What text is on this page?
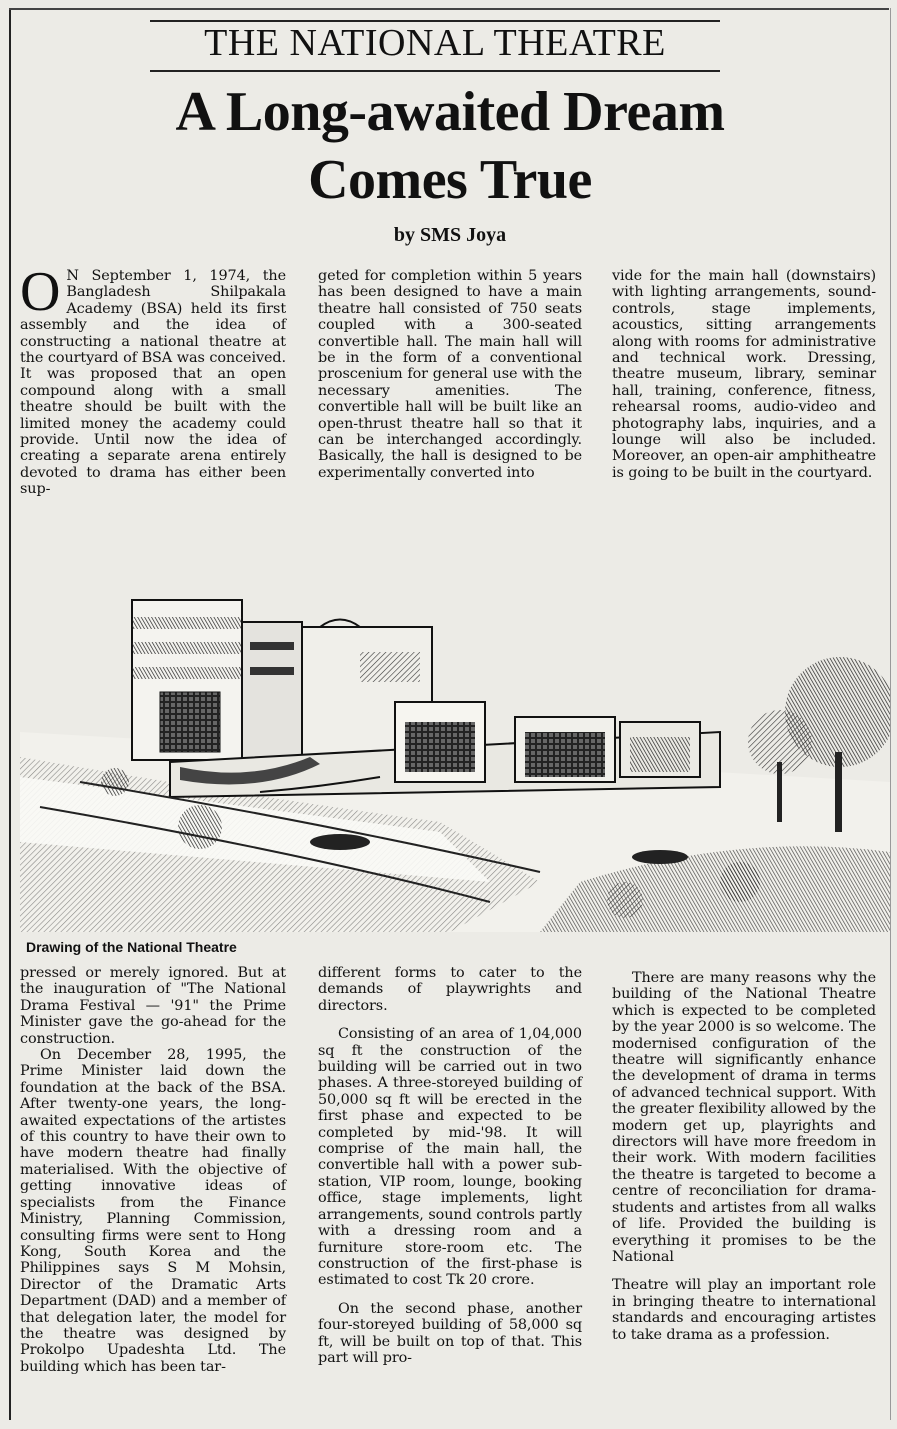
THE NATIONAL THEATRE
A Long-awaited Dream
Comes True
by SMS Joya

O N September 1, 1974, the Bangladesh Shilpakala Academy (BSA) held its first assembly and the idea of constructing a national theatre at the courtyard of BSA was conceived. It was proposed that an open compound along with a small theatre should be built with the limited money the academy could provide. Until now the idea of creating a separate arena entirely devoted to drama has either been sup-

geted for completion within 5 years has been designed to have a main theatre hall consisted of 750 seats coupled with a 300-seated convertible hall. The main hall will be in the form of a conventional proscenium for general use with the necessary amenities. The convertible hall will be built like an open-thrust theatre hall so that it can be interchanged accordingly. Basically, the hall is designed to be experimentally converted into

vide for the main hall (downstairs) with lighting arrangements, sound-controls, stage implements, acoustics, sitting arrangements along with rooms for administrative and technical work. Dressing, theatre museum, library, seminar hall, training, conference, fitness, rehearsal rooms, audio-video and photography labs, inquiries, and a lounge will also be included. Moreover, an open-air amphitheatre is going to be built in the courtyard.

Drawing of the National Theatre

pressed or merely ignored. But at the inauguration of "The National Drama Festival — '91" the Prime Minister gave the go-ahead for the construction.

On December 28, 1995, the Prime Minister laid down the foundation at the back of the BSA. After twenty-one years, the long-awaited expectations of the artistes of this country to have their own to have modern theatre had finally materialised. With the objective of getting innovative ideas of specialists from the Finance Ministry, Planning Commission, consulting firms were sent to Hong Kong, South Korea and the Philippines says S M Mohsin, Director of the Dramatic Arts Department (DAD) and a member of that delegation later, the model for the theatre was designed by Prokolpo Upadeshta Ltd. The building which has been tar-

different forms to cater to the demands of playwrights and directors.

Consisting of an area of 1,04,000 sq ft the construction of the building will be carried out in two phases. A three-storeyed building of 50,000 sq ft will be erected in the first phase and expected to be completed by mid-'98. It will comprise of the main hall, the convertible hall with a power sub-station, VIP room, lounge, booking office, stage implements, light arrangements, sound controls partly with a dressing room and a furniture store-room etc. The construction of the first-phase is estimated to cost Tk 20 crore.

On the second phase, another four-storeyed building of 58,000 sq ft, will be built on top of that. This part will pro-

There are many reasons why the building of the National Theatre which is expected to be completed by the year 2000 is so welcome. The modernised configuration of the theatre will significantly enhance the development of drama in terms of advanced technical support. With the greater flexibility allowed by the modern get up, playrights and directors will have more freedom in their work. With modern facilities the theatre is targeted to become a centre of reconciliation for drama-students and artistes from all walks of life. Provided the building is everything it promises to be the National

Theatre will play an important role in bringing theatre to international standards and encouraging artistes to take drama as a profession.
